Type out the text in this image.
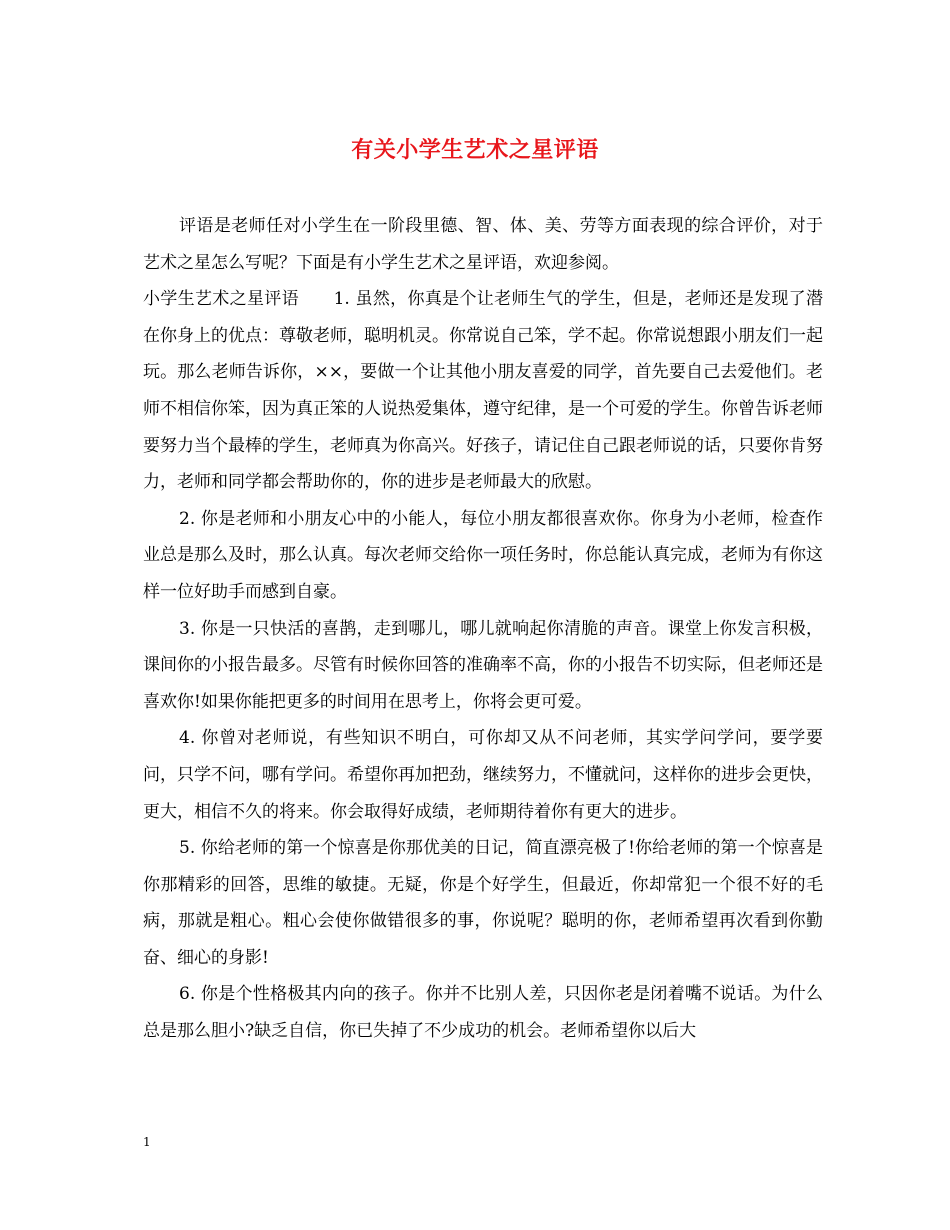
有关小学生艺术之星评语

评语是老师任对小学生在一阶段里德、智、体、美、劳等方面表现的综合评价，对于艺术之星怎么写呢？下面是有小学生艺术之星评语，欢迎参阅。

小学生艺术之星评语　　1. 虽然，你真是个让老师生气的学生，但是，老师还是发现了潜在你身上的优点：尊敬老师，聪明机灵。你常说自己笨，学不起。你常说想跟小朋友们一起玩。那么老师告诉你，××，要做一个让其他小朋友喜爱的同学，首先要自己去爱他们。老师不相信你笨，因为真正笨的人说热爱集体，遵守纪律，是一个可爱的学生。你曾告诉老师要努力当个最棒的学生，老师真为你高兴。好孩子，请记住自己跟老师说的话，只要你肯努力，老师和同学都会帮助你的，你的进步是老师最大的欣慰。

2. 你是老师和小朋友心中的小能人，每位小朋友都很喜欢你。你身为小老师，检查作业总是那么及时，那么认真。每次老师交给你一项任务时，你总能认真完成，老师为有你这样一位好助手而感到自豪。

3. 你是一只快活的喜鹊，走到哪儿，哪儿就响起你清脆的声音。课堂上你发言积极，课间你的小报告最多。尽管有时候你回答的准确率不高，你的小报告不切实际，但老师还是喜欢你!如果你能把更多的时间用在思考上，你将会更可爱。

4. 你曾对老师说，有些知识不明白，可你却又从不问老师，其实学问学问，要学要问，只学不问，哪有学问。希望你再加把劲，继续努力，不懂就问，这样你的进步会更快，更大，相信不久的将来。你会取得好成绩，老师期待着你有更大的进步。

5. 你给老师的第一个惊喜是你那优美的日记，简直漂亮极了!你给老师的第一个惊喜是你那精彩的回答，思维的敏捷。无疑，你是个好学生，但最近，你却常犯一个很不好的毛病，那就是粗心。粗心会使你做错很多的事，你说呢？聪明的你，老师希望再次看到你勤奋、细心的身影!

6. 你是个性格极其内向的孩子。你并不比别人差，只因你老是闭着嘴不说话。为什么总是那么胆小?缺乏自信，你已失掉了不少成功的机会。老师希望你以后大

1
